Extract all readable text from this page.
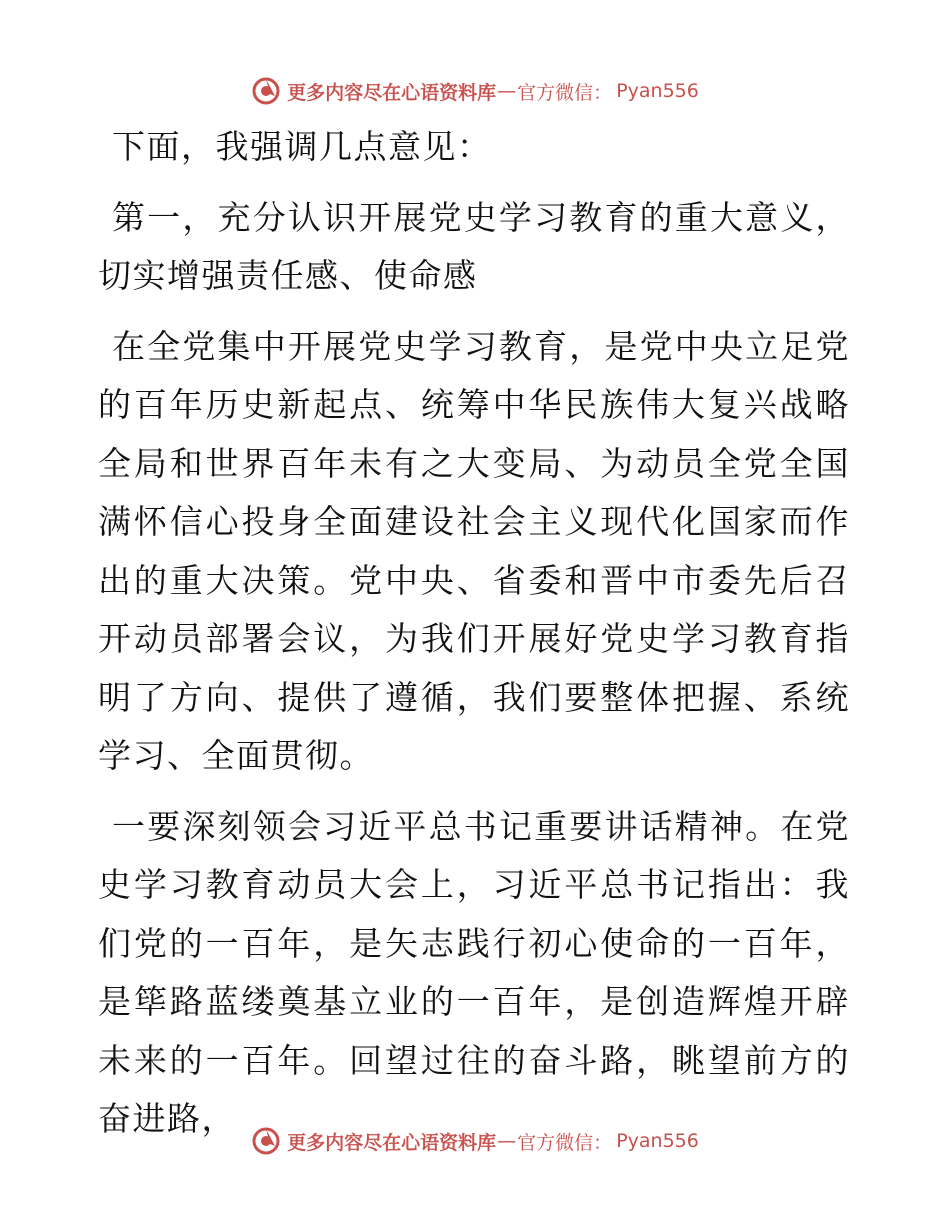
更多内容尽在心语资料库 — 官方微信： Pyan556

下面，我强调几点意见：

第一，充分认识开展党史学习教育的重大意义，切实增强责任感、使命感

在全党集中开展党史学习教育，是党中央立足党的百年历史新起点、统筹中华民族伟大复兴战略全局和世界百年未有之大变局、为动员全党全国满怀信心投身全面建设社会主义现代化国家而作出的重大决策。党中央、省委和晋中市委先后召开动员部署会议，为我们开展好党史学习教育指明了方向、提供了遵循，我们要整体把握、系统学习、全面贯彻。

一要深刻领会习近平总书记重要讲话精神。在党史学习教育动员大会上，习近平总书记指出：我们党的一百年，是矢志践行初心使命的一百年，是筚路蓝缕奠基立业的一百年，是创造辉煌开辟未来的一百年。回望过往的奋斗路，眺望前方的奋进路，

更多内容尽在心语资料库 — 官方微信： Pyan556
